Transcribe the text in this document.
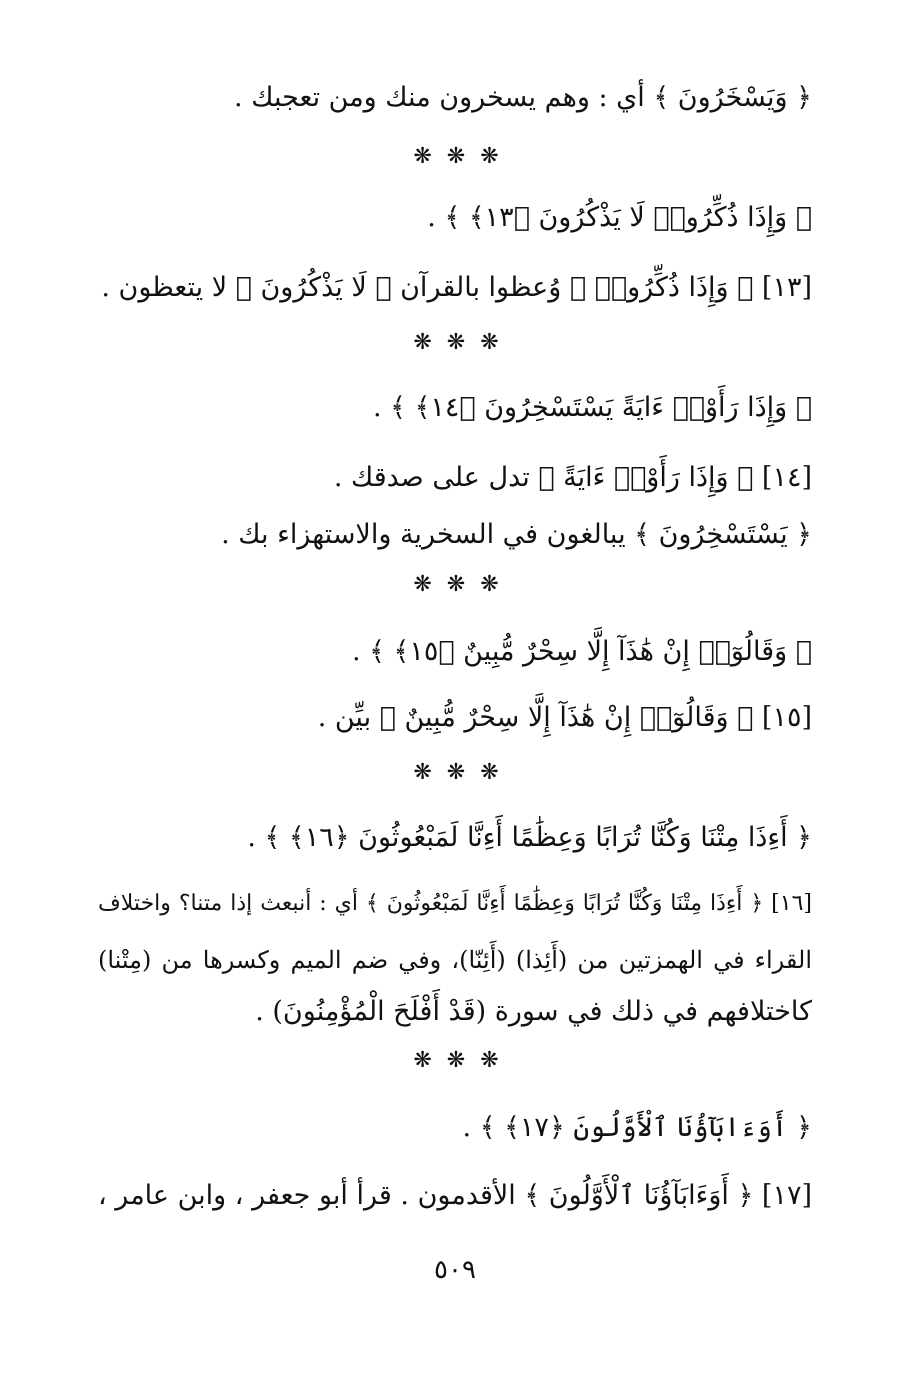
﴿ وَيَسْخَرُونَ ﴾ أي : وهم يسخرون منك ومن تعجبك .
❋ ❋ ❋
﴿ وَإِذَا ذُكِّرُوا۟ لَا يَذْكُرُونَ ﴿١٣﴾ ﴾ .
[١٣] ﴿ وَإِذَا ذُكِّرُوا۟ ﴾ وُعظوا بالقرآن ﴿ لَا يَذْكُرُونَ ﴾ لا يتعظون .
❋ ❋ ❋
﴿ وَإِذَا رَأَوْا۟ ءَايَةً يَسْتَسْخِرُونَ ﴿١٤﴾ ﴾ .
[١٤] ﴿ وَإِذَا رَأَوْا۟ ءَايَةً ﴾ تدل على صدقك .
﴿ يَسْتَسْخِرُونَ ﴾ يبالغون في السخرية والاستهزاء بك .
❋ ❋ ❋
﴿ وَقَالُوٓا۟ إِنْ هَٰذَآ إِلَّا سِحْرٌ مُّبِينٌ ﴿١٥﴾ ﴾ .
[١٥] ﴿ وَقَالُوٓا۟ إِنْ هَٰذَآ إِلَّا سِحْرٌ مُّبِينٌ ﴾ بيِّن .
❋ ❋ ❋
﴿ أَءِذَا مِتْنَا وَكُنَّا تُرَابًا وَعِظَٰمًا أَءِنَّا لَمَبْعُوثُونَ ﴿١٦﴾ ﴾ .
[١٦] ﴿ أَءِذَا مِتْنَا وَكُنَّا تُرَابًا وَعِظَٰمًا أَءِنَّا لَمَبْعُوثُونَ ﴾ أي : أنبعث إذا متنا؟ واختلاف
القراء في الهمزتين من (أَئِذا) (أَئِنّا)، وفي ضم الميم وكسرها من (مِتْنا)
كاختلافهم في ذلك في سورة (قَدْ أَفْلَحَ الْمُؤْمِنُونَ) .
❋ ❋ ❋
﴿ أَوَءَابَآؤُنَا ٱلْأَوَّلُونَ ﴿١٧﴾ ﴾ .
[١٧] ﴿ أَوَءَابَآؤُنَا ٱلْأَوَّلُونَ ﴾ الأقدمون . قرأ أبو جعفر ، وابن عامر ،
٥٠٩
